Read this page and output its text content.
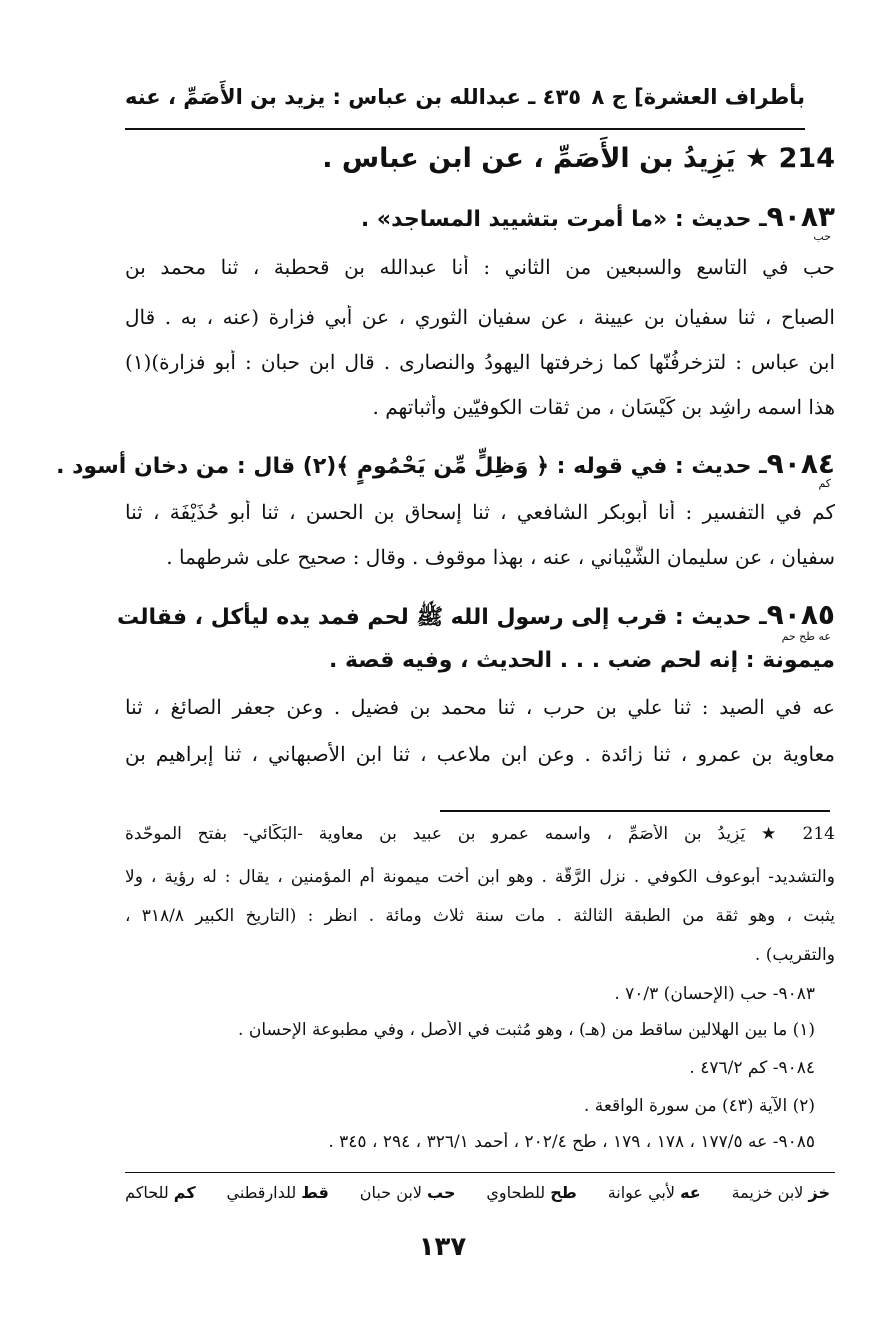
بأطراف العشرة] ج ٨
٤٣٥ ـ عبدالله بن عباس : يزيد بن الأَصَمِّ ، عنه
214 ★ يَزِيدُ بن الأَصَمِّ ، عن ابن عباس .
٩٠٨٣ـ حديث : «ما أمرت بتشييد المساجد» .
حب
حب في التاسع والسبعين من الثاني : أنا عبدالله بن قحطبة ، ثنا محمد بن
الصباح ، ثنا سفيان بن عيينة ، عن سفيان الثوري ، عن أبي فزارة (عنه ، به . قال
ابن عباس : لتزخرفُنّها كما زخرفتها اليهودُ والنصارى . قال ابن حبان : أبو فزارة)(١)
هذا اسمه راشِد بن كَيْسَان ، من ثقات الكوفيّين وأثباتهم .
٩٠٨٤ـ حديث : في قوله : ﴿ وَظِلٍّ مِّن يَحْمُومٍ ﴾(٢) قال : من دخان أسود .
كم
كم في التفسير : أنا أبوبكر الشافعي ، ثنا إسحاق بن الحسن ، ثنا أبو حُذَيْفَة ، ثنا
سفيان ، عن سليمان الشَّيْباني ، عنه ، بهذا موقوف . وقال : صحيح على شرطهما .
٩٠٨٥ـ حديث : قرب إلى رسول الله ﷺ لحم فمد يده ليأكل ، فقالت
عه طح حم
ميمونة : إنه لحم ضب . . . الحديث ، وفيه قصة .
عه في الصيد : ثنا علي بن حرب ، ثنا محمد بن فضيل . وعن جعفر الصائغ ، ثنا
معاوية بن عمرو ، ثنا زائدة . وعن ابن ملاعب ، ثنا ابن الأصبهاني ، ثنا إبراهيم بن
214 ★ يَزِيدُ بن الأَصَمِّ ، واسمه عمرو بن عبيد بن معاوية -البَكّائي- بفتح الموحّدة
والتشديد- أبوعوف الكوفي . نزل الرَّقّة . وهو ابن أخت ميمونة أم المؤمنين ، يقال : له رؤية ، ولا
يثبت ، وهو ثقة من الطبقة الثالثة . مات سنة ثلاث ومائة . انظر : (التاريخ الكبير ٣١٨/٨ ،
والتقريب) .
٩٠٨٣- حب (الإحسان) ٧٠/٣ .
(١) ما بين الهلالين ساقط من (هـ) ، وهو مُثبت في الأصل ، وفي مطبوعة الإحسان .
٩٠٨٤- كم ٤٧٦/٢ .
(٢) الآية (٤٣) من سورة الواقعة .
٩٠٨٥- عه ١٧٧/٥ ، ١٧٨ ، ١٧٩ ، طح ٢٠٢/٤ ، أحمد ٣٢٦/١ ، ٢٩٤ ، ٣٤٥ .
خز لابن خزيمة
عه لأبي عوانة
طح للطحاوي
حب لابن حبان
قط للدارقطني
كم للحاكم
١٣٧
